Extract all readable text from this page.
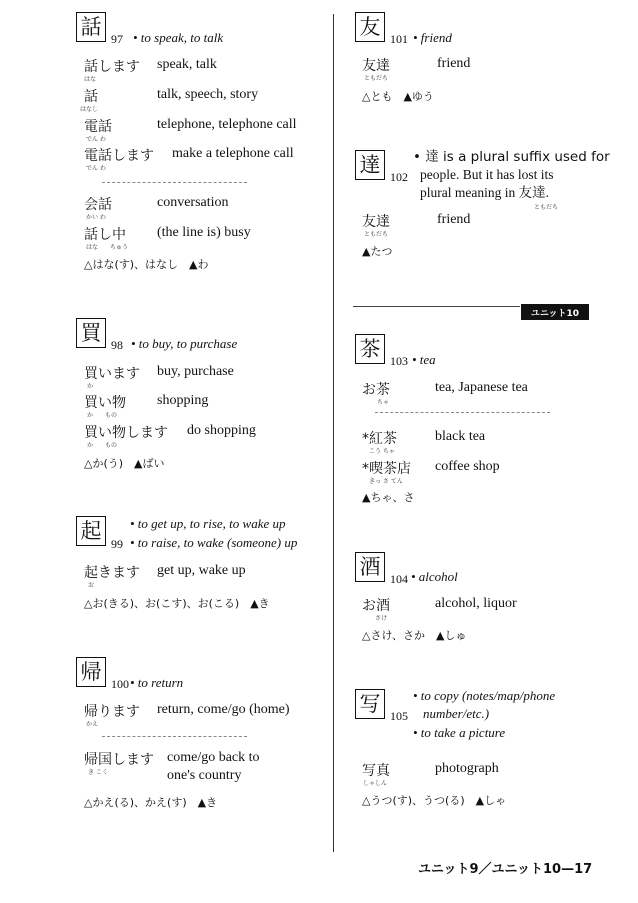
話
97 • to speak, to talk
話します
はな
speak, talk
話
はなし
talk, speech, story
電話
でん わ
telephone, telephone call
電話します
でん わ
make a telephone call
会話
かい わ
conversation
話し中
はな　　ちゅう
(the line is) busy
△はな(す)、はなし　▲わ
買
98 • to buy, to purchase
買います
か
buy, purchase
買い物
か　　もの
shopping
買い物します
か　　もの
do shopping
△か(う)　▲ばい
起
99
• to get up, to rise, to wake up
• to raise, to wake (someone) up
起きます
お
get up, wake up
△お(きる)、お(こす)、お(こる)　▲き
帰
100 • to return
帰ります
かえ
return, come/go (home)
帰国します
き こく
come/go back to
one's country
△かえ(る)、かえ(す)　▲き
友
101 • friend
友達
ともだち
friend
△とも　▲ゆう
達
102
• 達 is a plural suffix used for
people. But it has lost its
plural meaning in 友達.
ともだち
友達
ともだち
friend
▲たつ
ユニット10
茶
103 • tea
お茶
ちゃ
tea, Japanese tea
*紅茶
こう ちゃ
black tea
*喫茶店
きっ さ てん
coffee shop
▲ちゃ、さ
酒
104 • alcohol
お酒
さけ
alcohol, liquor
△さけ、さか　▲しゅ
写
105
• to copy (notes/map/phone
number/etc.)
• to take a picture
写真
しゃしん
photograph
△うつ(す)、うつ(る)　▲しゃ
ユニット9／ユニット10—17
